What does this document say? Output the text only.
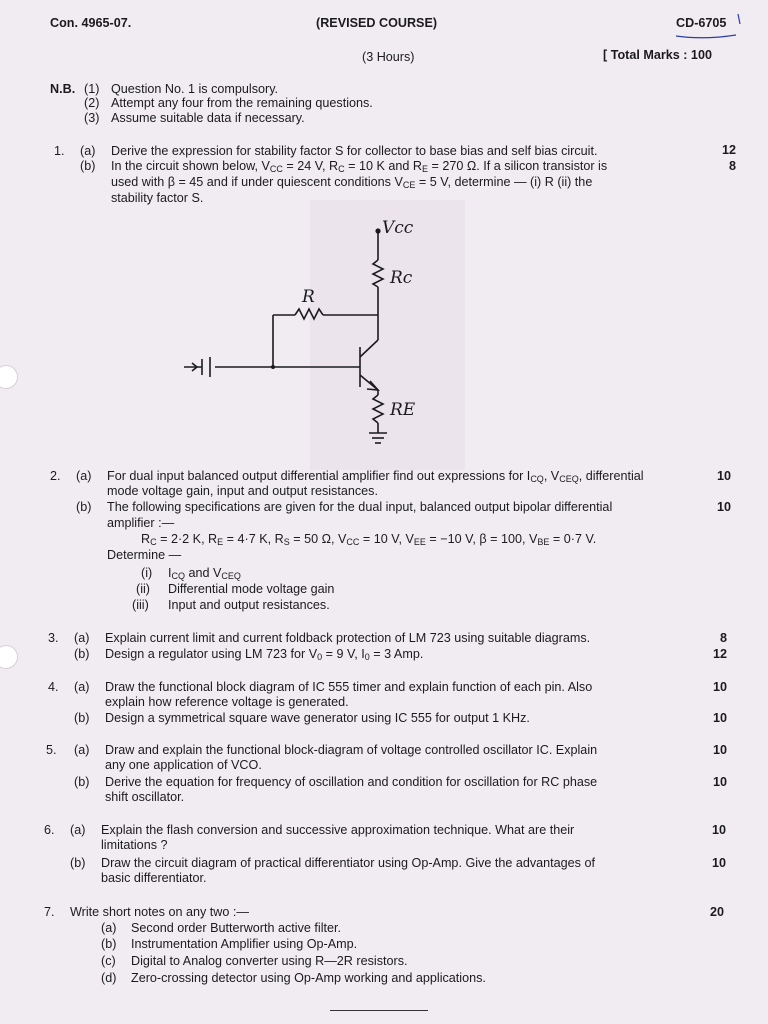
Con. 4965-07.	(REVISED COURSE)	CD-6705
(3 Hours)	[ Total Marks : 100
N.B. (1) Question No. 1 is compulsory.
(2) Attempt any four from the remaining questions.
(3) Assume suitable data if necessary.
1. (a) Derive the expression for stability factor S for collector to base bias and self bias circuit.	12
(b) In the circuit shown below, $V_{CC} = 24$ V, $R_C = 10$ K and $R_E = 270$ Ω. If a silicon transistor is	8
used with β = 45 and if under quiescent conditions $V_{CE} = 5$ V, determine — (i) R (ii) the
stability factor S.
Vcc
Rc
R
RE
2. (a) For dual input balanced output differential amplifier find out expressions for $I_{CQ}$, $V_{CEQ}$, differential	10
mode voltage gain, input and output resistances.
(b) The following specifications are given for the dual input, balanced output bipolar differential	10
amplifier :—
$R_C = 2\cdot 2$ K, $R_E = 4\cdot 7$ K, $R_S = 50$ Ω, $V_{CC} = 10$ V, $V_{EE} = -10$ V, β = 100, $V_{BE} = 0\cdot 7$ V.
Determine —
(i) $I_{CQ}$ and $V_{CEQ}$
(ii) Differential mode voltage gain
(iii) Input and output resistances.
3. (a) Explain current limit and current foldback protection of LM 723 using suitable diagrams.	8
(b) Design a regulator using LM 723 for $V_0 = 9$ V, $I_0 = 3$ Amp.	12
4. (a) Draw the functional block diagram of IC 555 timer and explain function of each pin. Also	10
explain how reference voltage is generated.
(b) Design a symmetrical square wave generator using IC 555 for output 1 KHz.	10
5. (a) Draw and explain the functional block-diagram of voltage controlled oscillator IC. Explain	10
any one application of VCO.
(b) Derive the equation for frequency of oscillation and condition for oscillation for RC phase	10
shift oscillator.
6. (a) Explain the flash conversion and successive approximation technique. What are their	10
limitations ?
(b) Draw the circuit diagram of practical differentiator using Op-Amp. Give the advantages of	10
basic differentiator.
7. Write short notes on any two :—	20
(a) Second order Butterworth active filter.
(b) Instrumentation Amplifier using Op-Amp.
(c) Digital to Analog converter using R—2R resistors.
(d) Zero-crossing detector using Op-Amp working and applications.
